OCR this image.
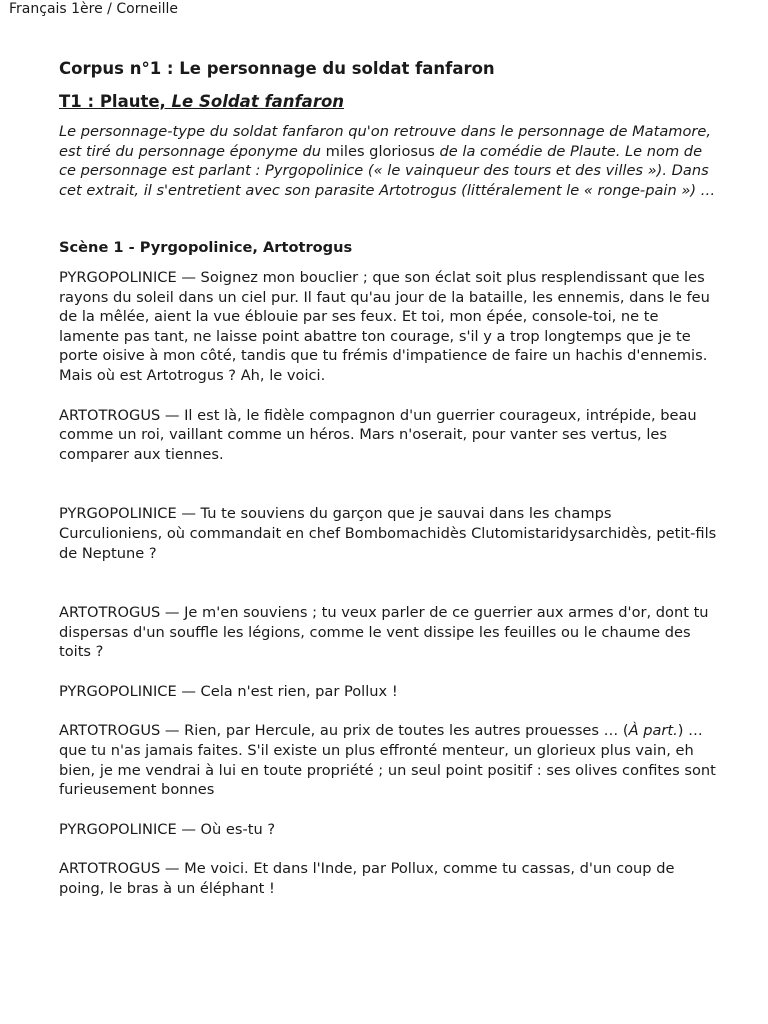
Français 1ère / Corneille
Corpus n°1 : Le personnage du soldat fanfaron
T1 : Plaute, Le Soldat fanfaron

Le personnage-type du soldat fanfaron qu'on retrouve dans le personnage de Matamore, est tiré du personnage éponyme du miles gloriosus de la comédie de Plaute. Le nom de ce personnage est parlant : Pyrgopolinice (« le vainqueur des tours et des villes »). Dans cet extrait, il s'entretient avec son parasite Artotrogus (littéralement le « ronge-pain ») …

Scène 1 - Pyrgopolinice, Artotrogus

PYRGOPOLINICE — Soignez mon bouclier ; que son éclat soit plus resplendissant que les rayons du soleil dans un ciel pur. Il faut qu'au jour de la bataille, les ennemis, dans le feu de la mêlée, aient la vue éblouie par ses feux. Et toi, mon épée, console-toi, ne te lamente pas tant, ne laisse point abattre ton courage, s'il y a trop longtemps que je te porte oisive à mon côté, tandis que tu frémis d'impatience de faire un hachis d'ennemis. Mais où est Artotrogus ? Ah, le voici.

ARTOTROGUS — Il est là, le fidèle compagnon d'un guerrier courageux, intrépide, beau comme un roi, vaillant comme un héros. Mars n'oserait, pour vanter ses vertus, les comparer aux tiennes.

PYRGOPOLINICE — Tu te souviens du garçon que je sauvai dans les champs Curculioniens, où commandait en chef Bombomachidès Clutomistaridysarchidès, petit-fils de Neptune ?

ARTOTROGUS — Je m'en souviens ; tu veux parler de ce guerrier aux armes d'or, dont tu dispersas d'un souffle les légions, comme le vent dissipe les feuilles ou le chaume des toits ?

PYRGOPOLINICE — Cela n'est rien, par Pollux !

ARTOTROGUS — Rien, par Hercule, au prix de toutes les autres prouesses … (À part.) … que tu n'as jamais faites. S'il existe un plus effronté menteur, un glorieux plus vain, eh bien, je me vendrai à lui en toute propriété ; un seul point positif : ses olives confites sont furieusement bonnes

PYRGOPOLINICE — Où es-tu ?

ARTOTROGUS — Me voici. Et dans l'Inde, par Pollux, comme tu cassas, d'un coup de poing, le bras à un éléphant !
